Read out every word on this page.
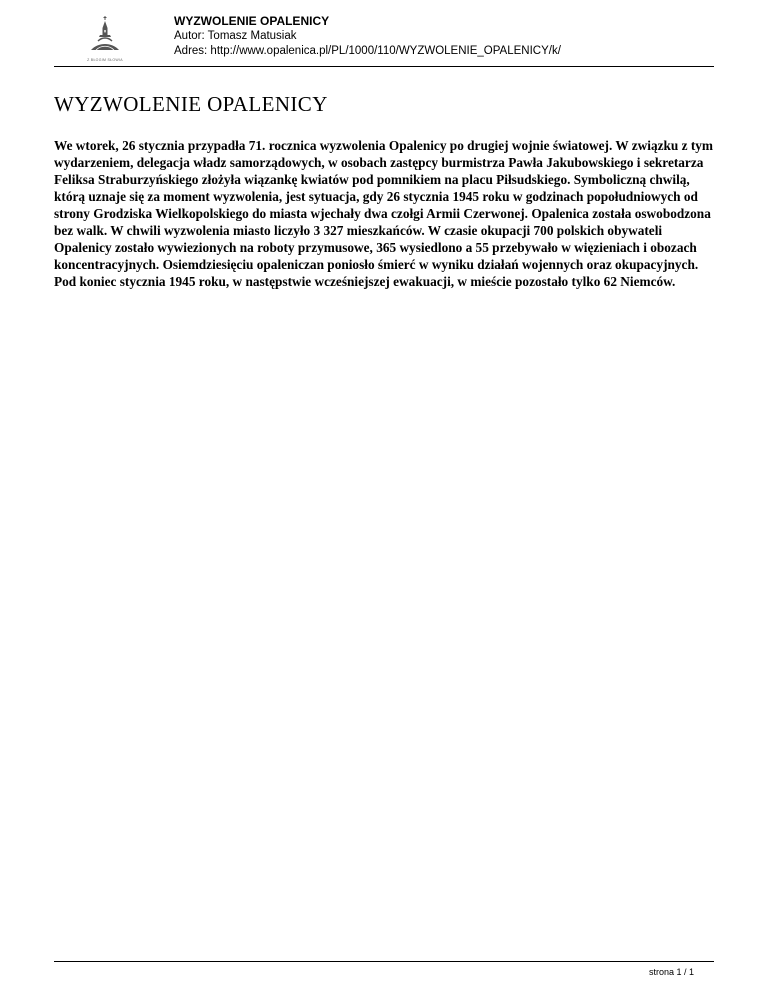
Z BŁOGIM SŁOWIA
WYZWOLENIE OPALENICY
Autor: Tomasz Matusiak
Adres: http://www.opalenica.pl/PL/1000/110/WYZWOLENIE_OPALENICY/k/
WYZWOLENIE OPALENICY

We wtorek, 26 stycznia przypadła 71. rocznica wyzwolenia Opalenicy po drugiej wojnie światowej. W związku z tym wydarzeniem, delegacja władz samorządowych, w osobach zastępcy burmistrza Pawła Jakubowskiego i sekretarza Feliksa Straburzyńskiego złożyła wiązankę kwiatów pod pomnikiem na placu Piłsudskiego. Symboliczną chwilą, którą uznaje się za moment wyzwolenia, jest sytuacja, gdy 26 stycznia 1945 roku w godzinach popołudniowych od strony Grodziska Wielkopolskiego do miasta wjechały dwa czołgi Armii Czerwonej. Opalenica została oswobodzona bez walk. W chwili wyzwolenia miasto liczyło 3 327 mieszkańców. W czasie okupacji 700 polskich obywateli Opalenicy zostało wywiezionych na roboty przymusowe, 365 wysiedlono a 55 przebywało w więzieniach i obozach koncentracyjnych. Osiemdziesięciu opaleniczan poniosło śmierć w wyniku działań wojennych oraz okupacyjnych. Pod koniec stycznia 1945 roku, w następstwie wcześniejszej ewakuacji, w mieście pozostało tylko 62 Niemców.

strona 1 / 1
